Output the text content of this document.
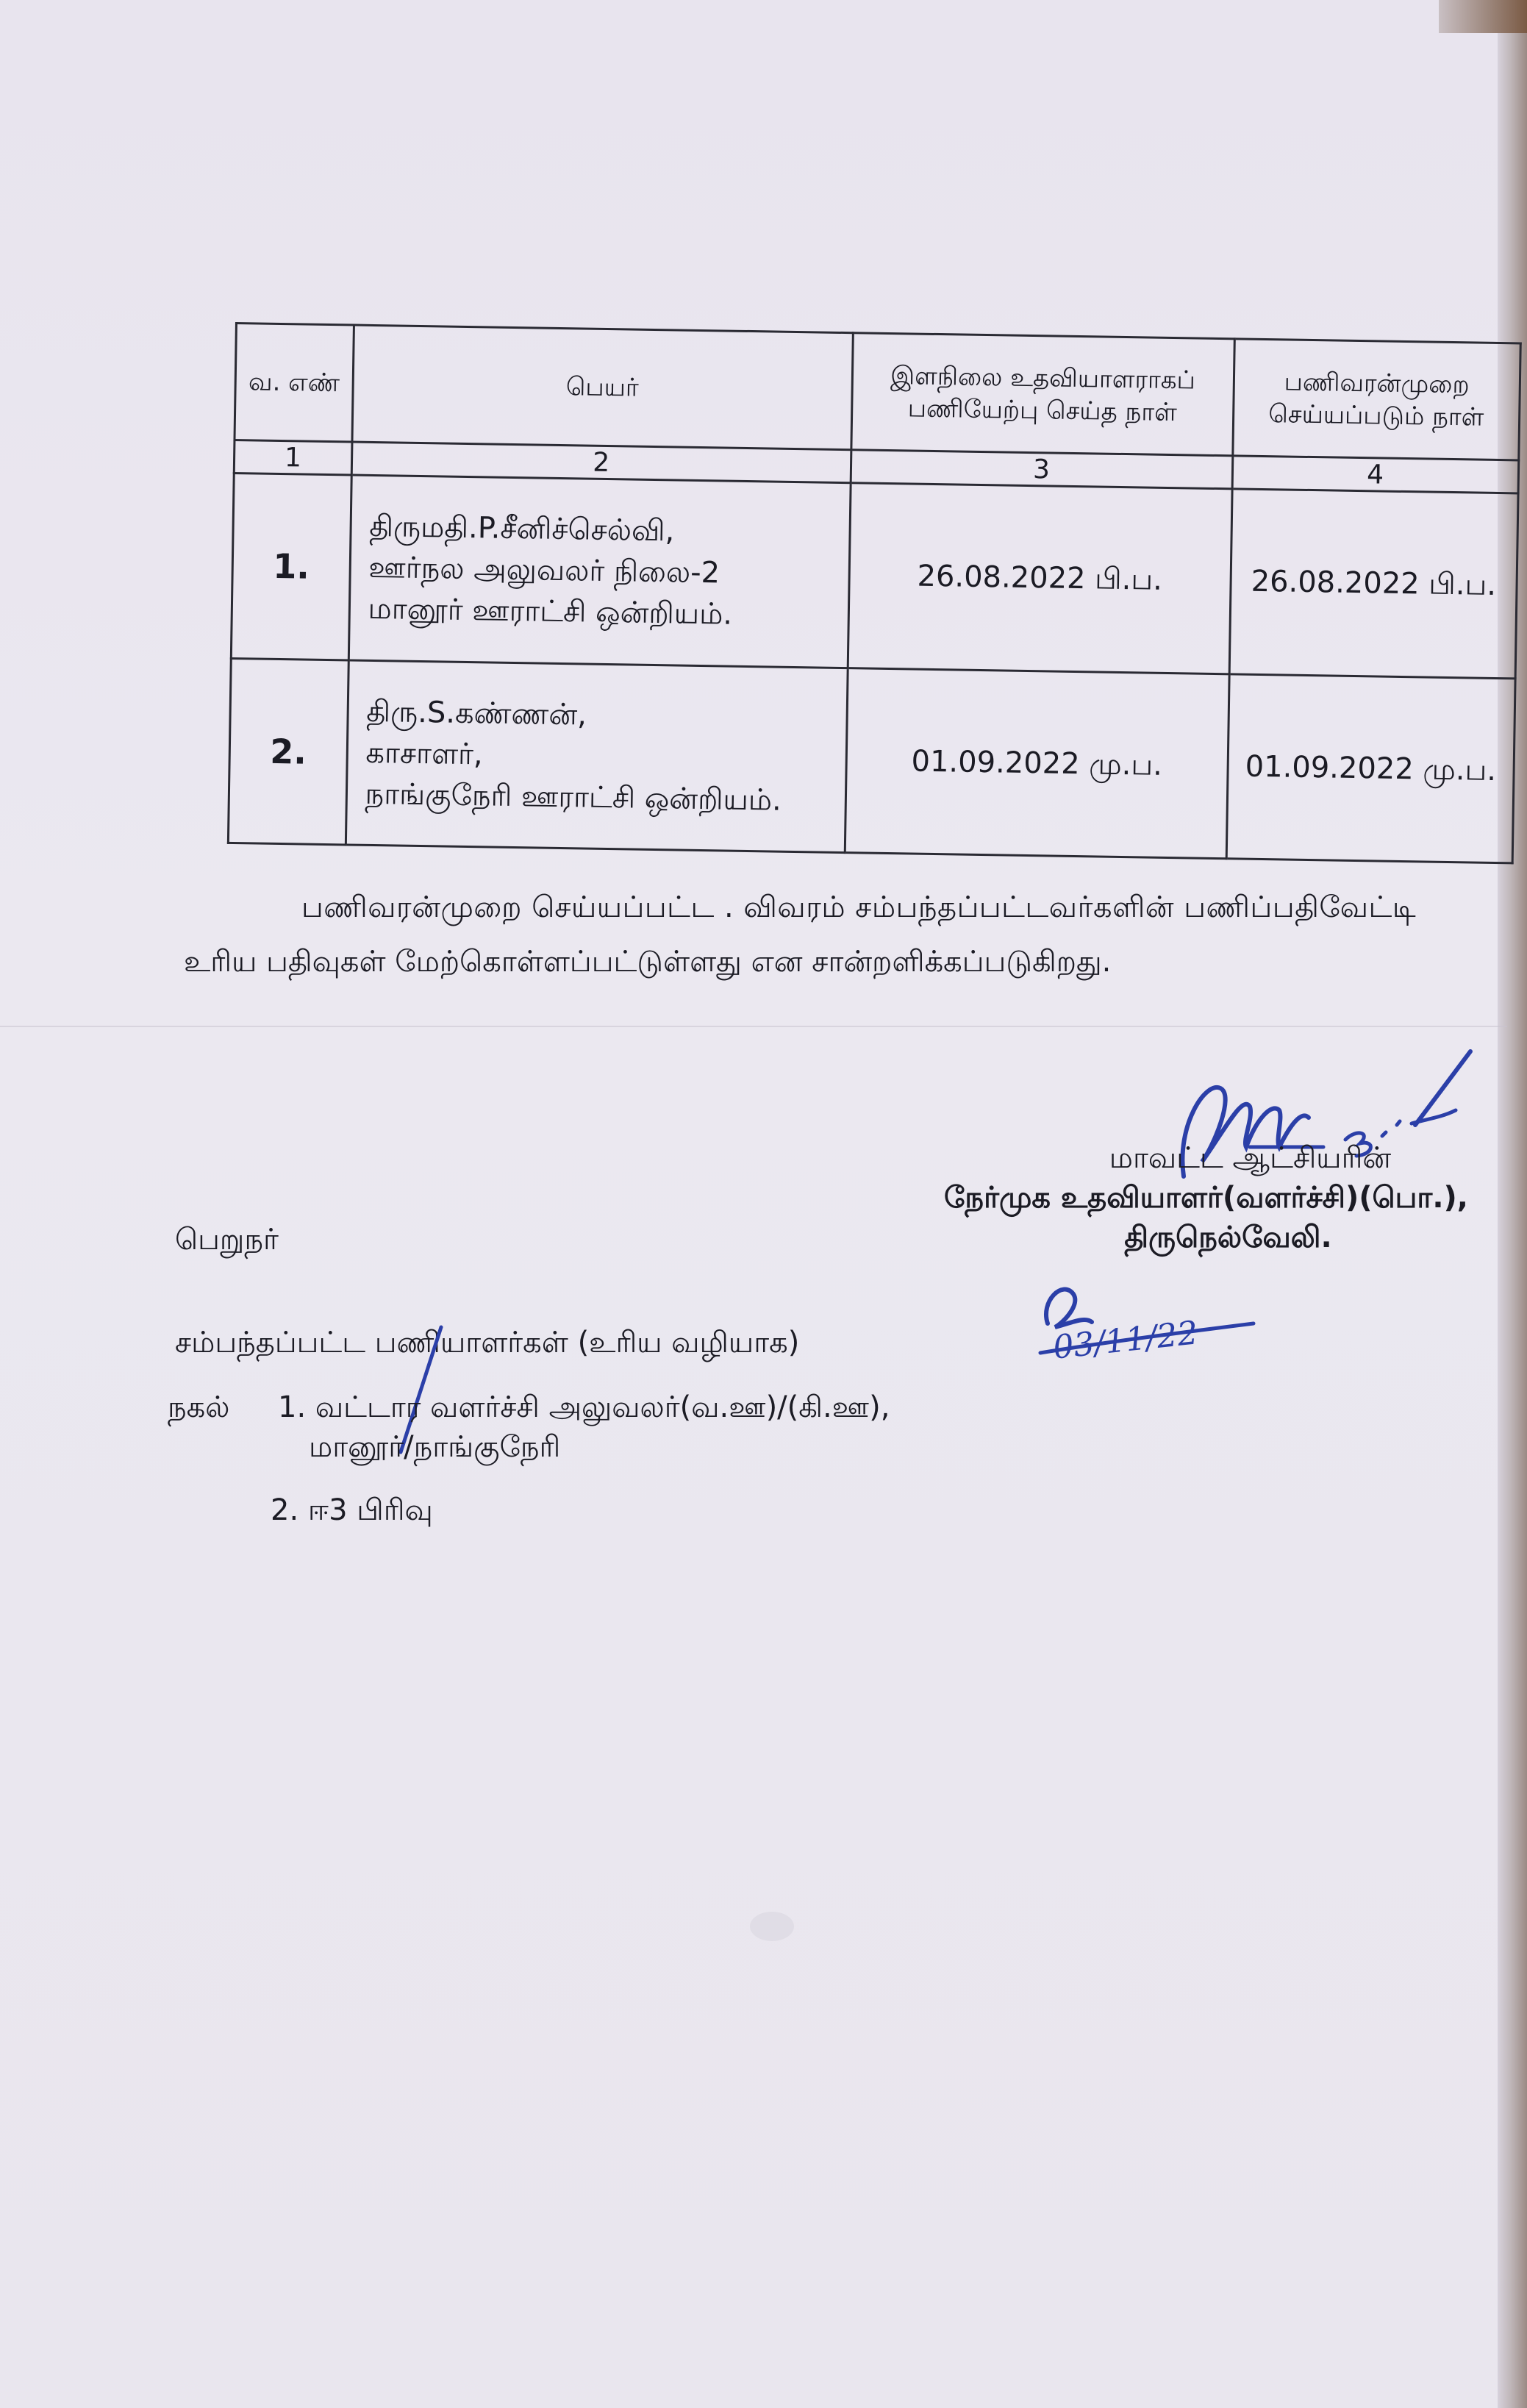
வ. எண்	பெயர்	இளநிலை உதவியாளராகப் பணியேற்பு செய்த நாள்	பணிவரன்முறை செய்யப்படும் நாள்
1	2	3	4
1.	திருமதி.P.சீனிச்செல்வி,
ஊர்நல அலுவலர் நிலை-2
மானூர் ஊராட்சி ஒன்றியம்.	26.08.2022 பி.ப.	26.08.2022 பி.ப.
2.	திரு.S.கண்ணன்,
காசாளர்,
நாங்குநேரி ஊராட்சி ஒன்றியம்.	01.09.2022 மு.ப.	01.09.2022 மு.ப.
பணிவரன்முறை செய்யப்பட்ட . விவரம் சம்பந்தப்பட்டவர்களின் பணிப்பதிவேட்டி
உரிய பதிவுகள் மேற்கொள்ளப்பட்டுள்ளது என சான்றளிக்கப்படுகிறது.
மாவட்ட ஆட்சியரின்
நேர்முக உதவியாளர்(வளர்ச்சி)(பொ.),
திருநெல்வேலி.
பெறுநர்
03/11/22
சம்பந்தப்பட்ட பணியாளர்கள் (உரிய வழியாக)
நகல் 1. வட்டார வளர்ச்சி அலுவலர்(வ.ஊ)/(கி.ஊ),
மானூர்/நாங்குநேரி
2. ஈ3 பிரிவு
